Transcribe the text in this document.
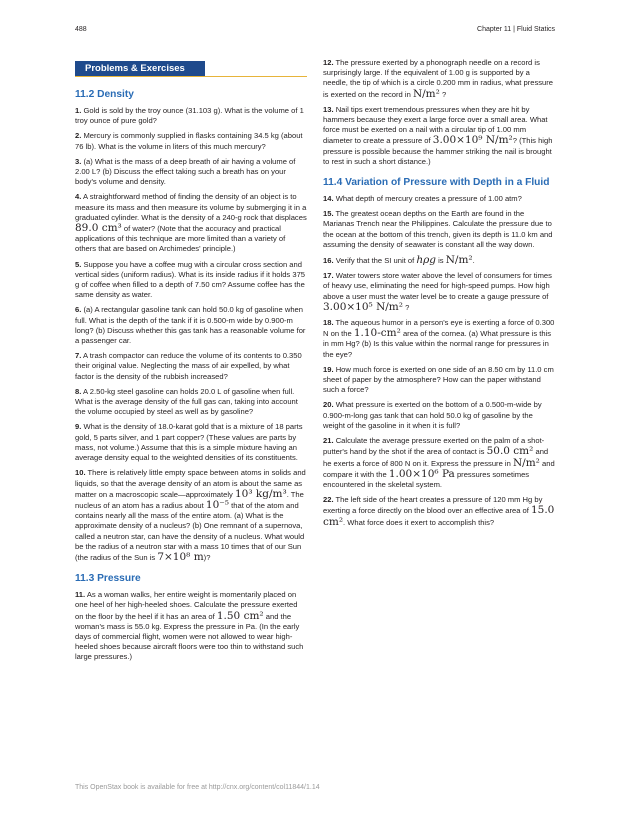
488	Chapter 11 | Fluid Statics
Problems & Exercises
11.2 Density

1. Gold is sold by the troy ounce (31.103 g). What is the volume of 1 troy ounce of pure gold?

2. Mercury is commonly supplied in flasks containing 34.5 kg (about 76 lb). What is the volume in liters of this much mercury?

3. (a) What is the mass of a deep breath of air having a volume of 2.00 L? (b) Discuss the effect taking such a breath has on your body's volume and density.

4. A straightforward method of finding the density of an object is to measure its mass and then measure its volume by submerging it in a graduated cylinder. What is the density of a 240-g rock that displaces 89.0 cm³ of water? (Note that the accuracy and practical applications of this technique are more limited than a variety of others that are based on Archimedes' principle.)

5. Suppose you have a coffee mug with a circular cross section and vertical sides (uniform radius). What is its inside radius if it holds 375 g of coffee when filled to a depth of 7.50 cm? Assume coffee has the same density as water.

6. (a) A rectangular gasoline tank can hold 50.0 kg of gasoline when full. What is the depth of the tank if it is 0.500-m wide by 0.900-m long? (b) Discuss whether this gas tank has a reasonable volume for a passenger car.

7. A trash compactor can reduce the volume of its contents to 0.350 their original value. Neglecting the mass of air expelled, by what factor is the density of the rubbish increased?

8. A 2.50-kg steel gasoline can holds 20.0 L of gasoline when full. What is the average density of the full gas can, taking into account the volume occupied by steel as well as by gasoline?

9. What is the density of 18.0-karat gold that is a mixture of 18 parts gold, 5 parts silver, and 1 part copper? (These values are parts by mass, not volume.) Assume that this is a simple mixture having an average density equal to the weighted densities of its constituents.

10. There is relatively little empty space between atoms in solids and liquids, so that the average density of an atom is about the same as matter on a macroscopic scale—approximately 10³ kg/m³. The nucleus of an atom has a radius about 10⁻⁵ that of the atom and contains nearly all the mass of the entire atom. (a) What is the approximate density of a nucleus? (b) One remnant of a supernova, called a neutron star, can have the density of a nucleus. What would be the radius of a neutron star with a mass 10 times that of our Sun (the radius of the Sun is 7×10⁸ m)?

11.3 Pressure

11. As a woman walks, her entire weight is momentarily placed on one heel of her high-heeled shoes. Calculate the pressure exerted on the floor by the heel if it has an area of 1.50 cm² and the woman's mass is 55.0 kg. Express the pressure in Pa. (In the early days of commercial flight, women were not allowed to wear high-heeled shoes because aircraft floors were too thin to withstand such large pressures.)

12. The pressure exerted by a phonograph needle on a record is surprisingly large. If the equivalent of 1.00 g is supported by a needle, the tip of which is a circle 0.200 mm in radius, what pressure is exerted on the record in N/m² ?

13. Nail tips exert tremendous pressures when they are hit by hammers because they exert a large force over a small area. What force must be exerted on a nail with a circular tip of 1.00 mm diameter to create a pressure of 3.00×10⁹ N/m²? (This high pressure is possible because the hammer striking the nail is brought to rest in such a short distance.)

11.4 Variation of Pressure with Depth in a Fluid

14. What depth of mercury creates a pressure of 1.00 atm?

15. The greatest ocean depths on the Earth are found in the Marianas Trench near the Philippines. Calculate the pressure due to the ocean at the bottom of this trench, given its depth is 11.0 km and assuming the density of seawater is constant all the way down.

16. Verify that the SI unit of hρg is N/m².

17. Water towers store water above the level of consumers for times of heavy use, eliminating the need for high-speed pumps. How high above a user must the water level be to create a gauge pressure of 3.00×10⁵ N/m² ?

18. The aqueous humor in a person's eye is exerting a force of 0.300 N on the 1.10-cm² area of the cornea. (a) What pressure is this in mm Hg? (b) Is this value within the normal range for pressures in the eye?

19. How much force is exerted on one side of an 8.50 cm by 11.0 cm sheet of paper by the atmosphere? How can the paper withstand such a force?

20. What pressure is exerted on the bottom of a 0.500-m-wide by 0.900-m-long gas tank that can hold 50.0 kg of gasoline by the weight of the gasoline in it when it is full?

21. Calculate the average pressure exerted on the palm of a shot-putter's hand by the shot if the area of contact is 50.0 cm² and he exerts a force of 800 N on it. Express the pressure in N/m² and compare it with the 1.00×10⁶ Pa pressures sometimes encountered in the skeletal system.

22. The left side of the heart creates a pressure of 120 mm Hg by exerting a force directly on the blood over an effective area of 15.0 cm². What force does it exert to accomplish this?

This OpenStax book is available for free at http://cnx.org/content/col11844/1.14
